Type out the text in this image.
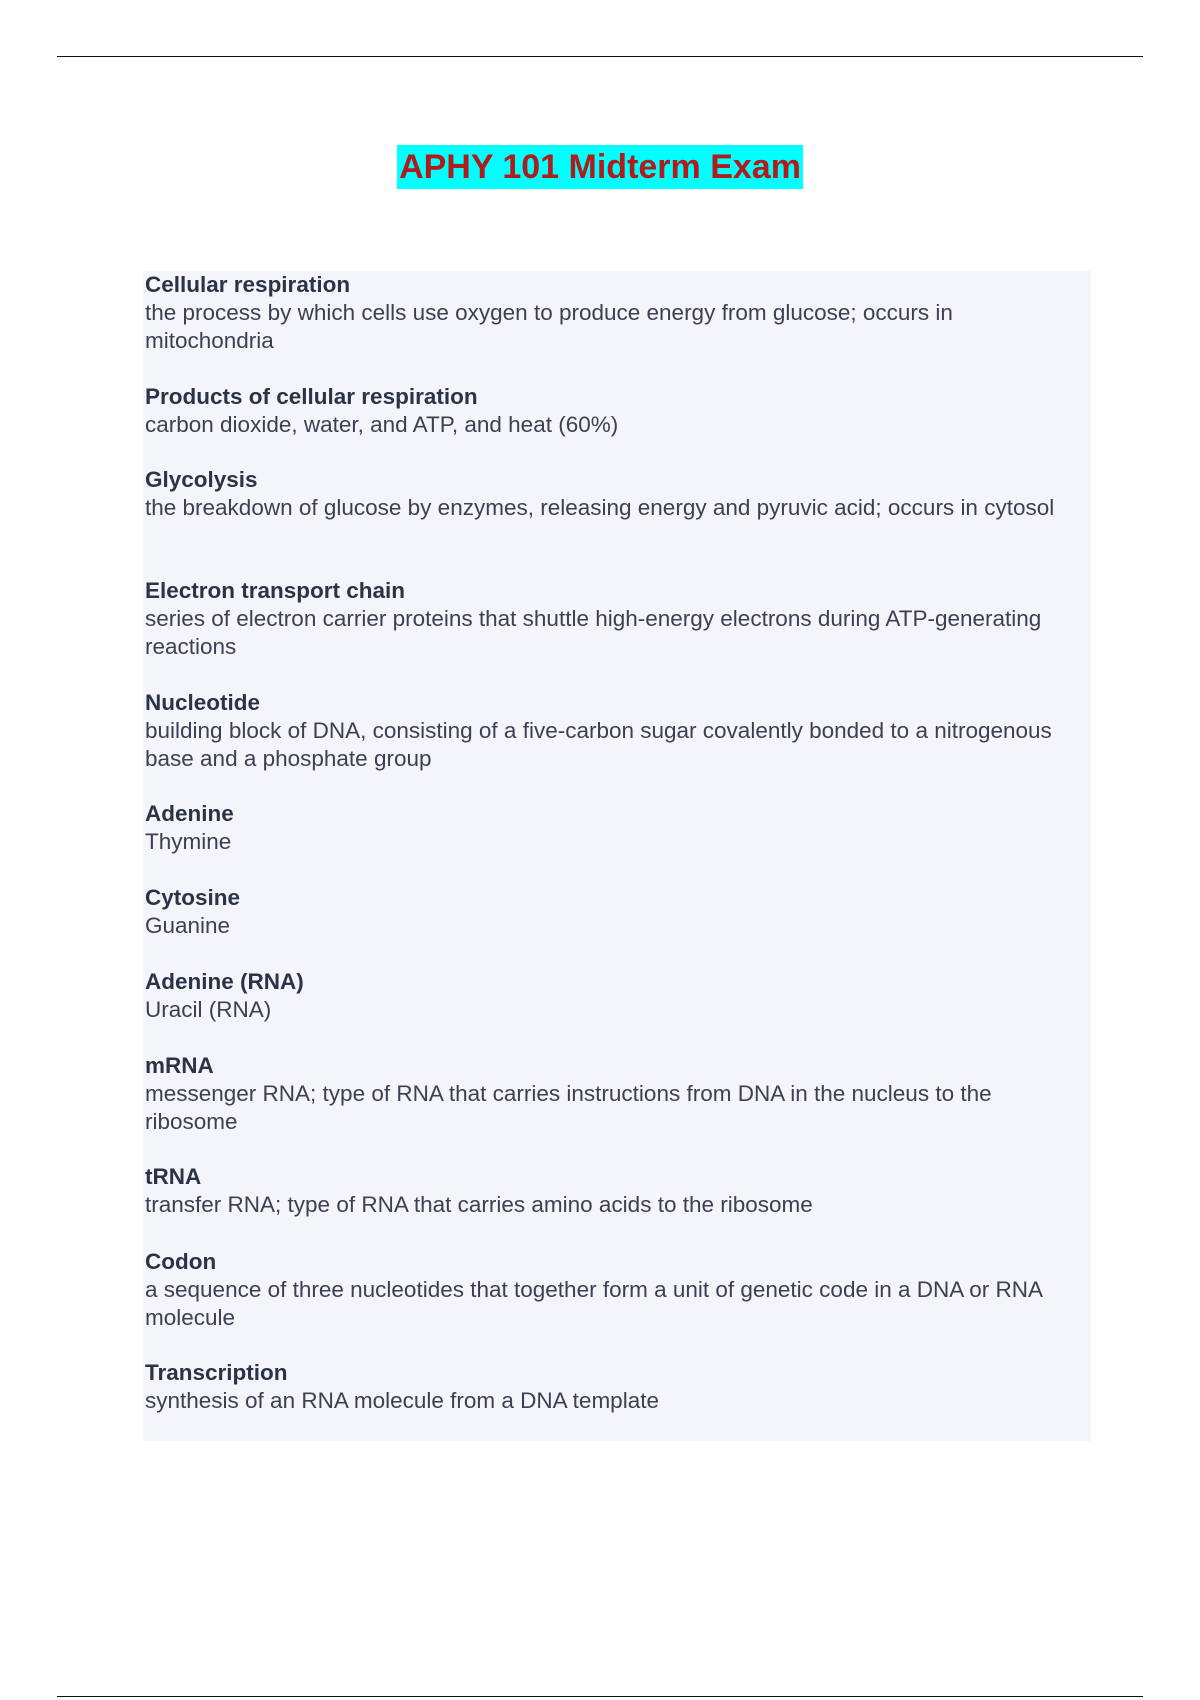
APHY 101 Midterm Exam
Cellular respiration
the process by which cells use oxygen to produce energy from glucose; occurs in mitochondria
Products of cellular respiration
carbon dioxide, water, and ATP, and heat (60%)
Glycolysis
the breakdown of glucose by enzymes, releasing energy and pyruvic acid; occurs in cytosol
Electron transport chain
series of electron carrier proteins that shuttle high-energy electrons during ATP-generating reactions
Nucleotide
building block of DNA, consisting of a five-carbon sugar covalently bonded to a nitrogenous base and a phosphate group
Adenine
Thymine
Cytosine
Guanine
Adenine (RNA)
Uracil (RNA)
mRNA
messenger RNA; type of RNA that carries instructions from DNA in the nucleus to the ribosome
tRNA
transfer RNA; type of RNA that carries amino acids to the ribosome
Codon
a sequence of three nucleotides that together form a unit of genetic code in a DNA or RNA molecule
Transcription
synthesis of an RNA molecule from a DNA template
